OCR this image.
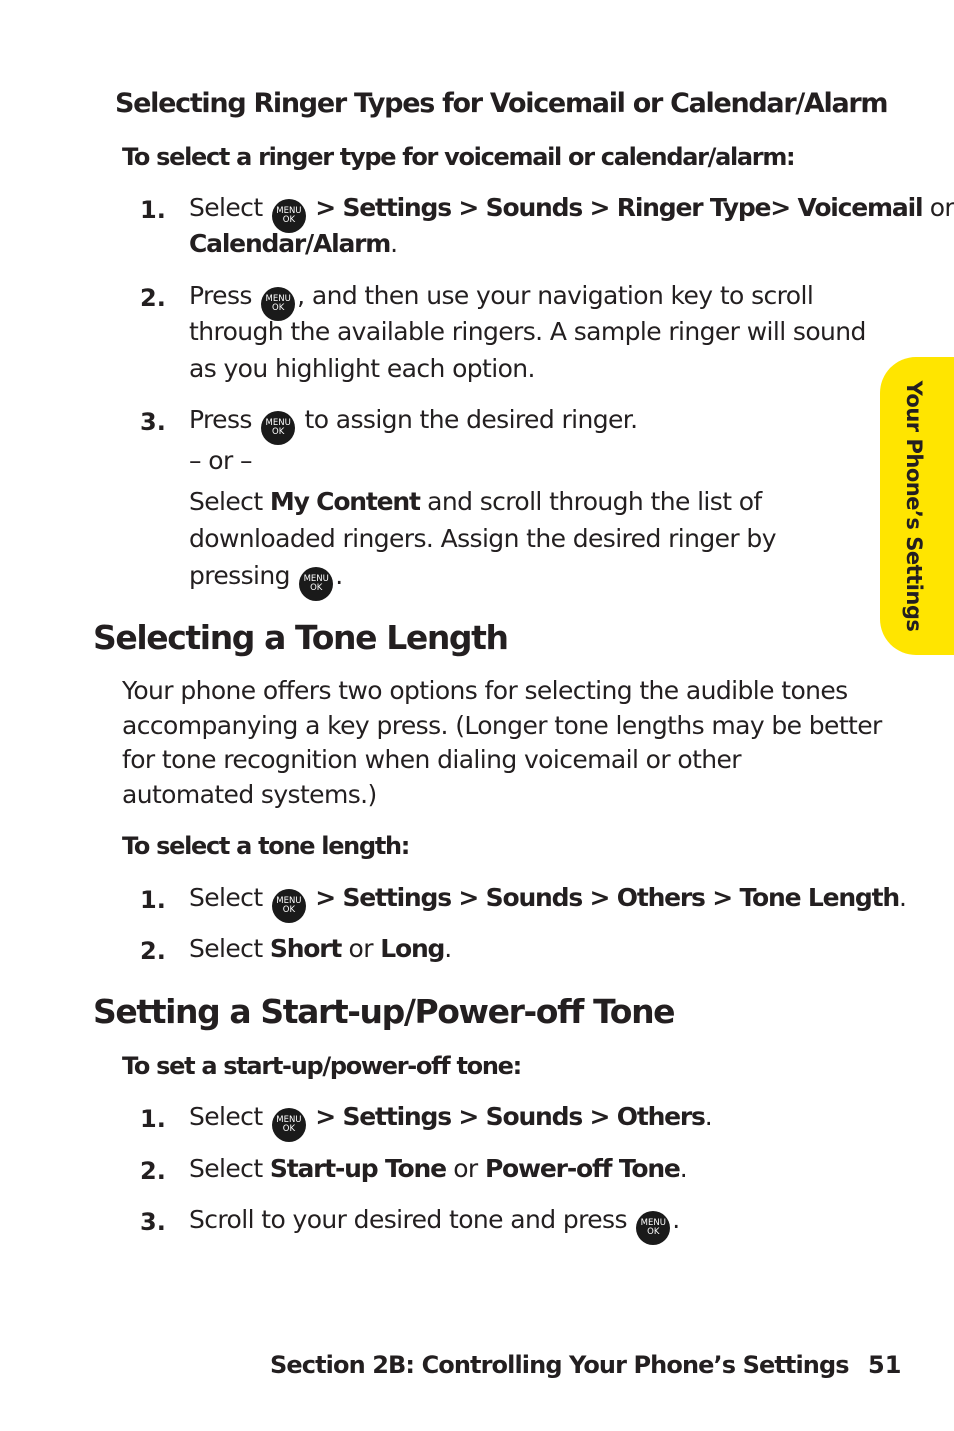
Your Phone’s Settings
Selecting Ringer Types for Voicemail or Calendar/Alarm
To select a ringer type for voicemail or calendar/alarm:
1. Select	MENU
OK > Settings > Sounds > Ringer Type> Voicemail or
Calendar/Alarm.
2. Press	MENU
OK , and then use your navigation key to scroll
through the available ringers. A sample ringer will sound
as you highlight each option.
3. Press	MENU
OK to assign the desired ringer.
– or –
Select My Content and scroll through the list of
downloaded ringers. Assign the desired ringer by
pressing	MENU
OK .
Selecting a Tone Length
Your phone offers two options for selecting the audible tones
accompanying a key press. (Longer tone lengths may be better
for tone recognition when dialing voicemail or other
automated systems.)
To select a tone length:
1. Select	MENU
OK > Settings > Sounds > Others > Tone Length.
2. Select Short or Long.
Setting a Start-up/Power-off Tone
To set a start-up/power-off tone:
1. Select	MENU
OK > Settings > Sounds > Others.
2. Select Start-up Tone or Power-off Tone.
3. Scroll to your desired tone and press	MENU
OK .
Section 2B: Controlling Your Phone’s Settings 51
